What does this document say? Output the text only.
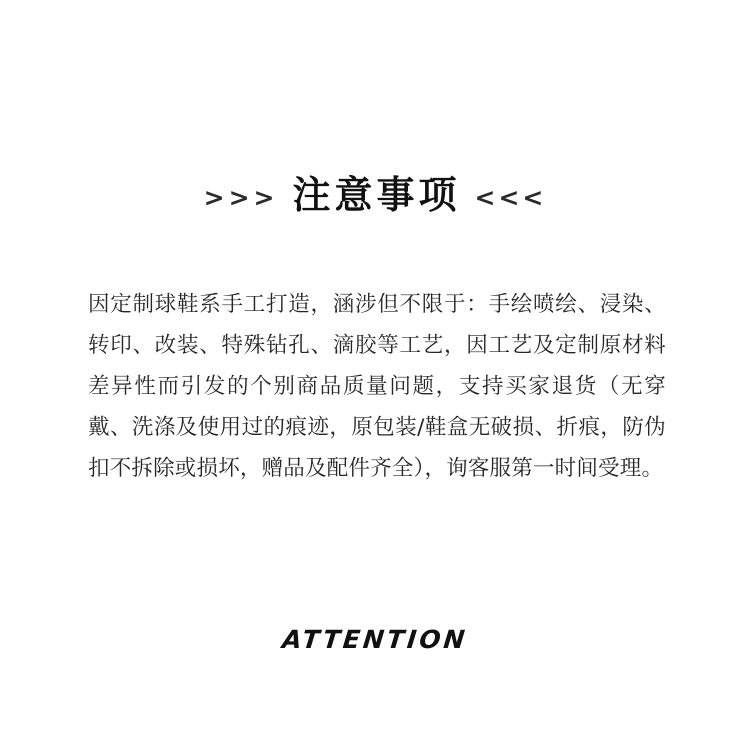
>>> 注意事项 <<<

因定制球鞋系手工打造，涵涉但不限于：手绘喷绘、浸染、转印、改装、特殊钻孔、滴胶等工艺，因工艺及定制原材料差异性而引发的个别商品质量问题，支持买家退货（无穿戴、洗涤及使用过的痕迹，原包装/鞋盒无破损、折痕，防伪扣不拆除或损坏，赠品及配件齐全），询客服第一时间受理。

ATTENTION
